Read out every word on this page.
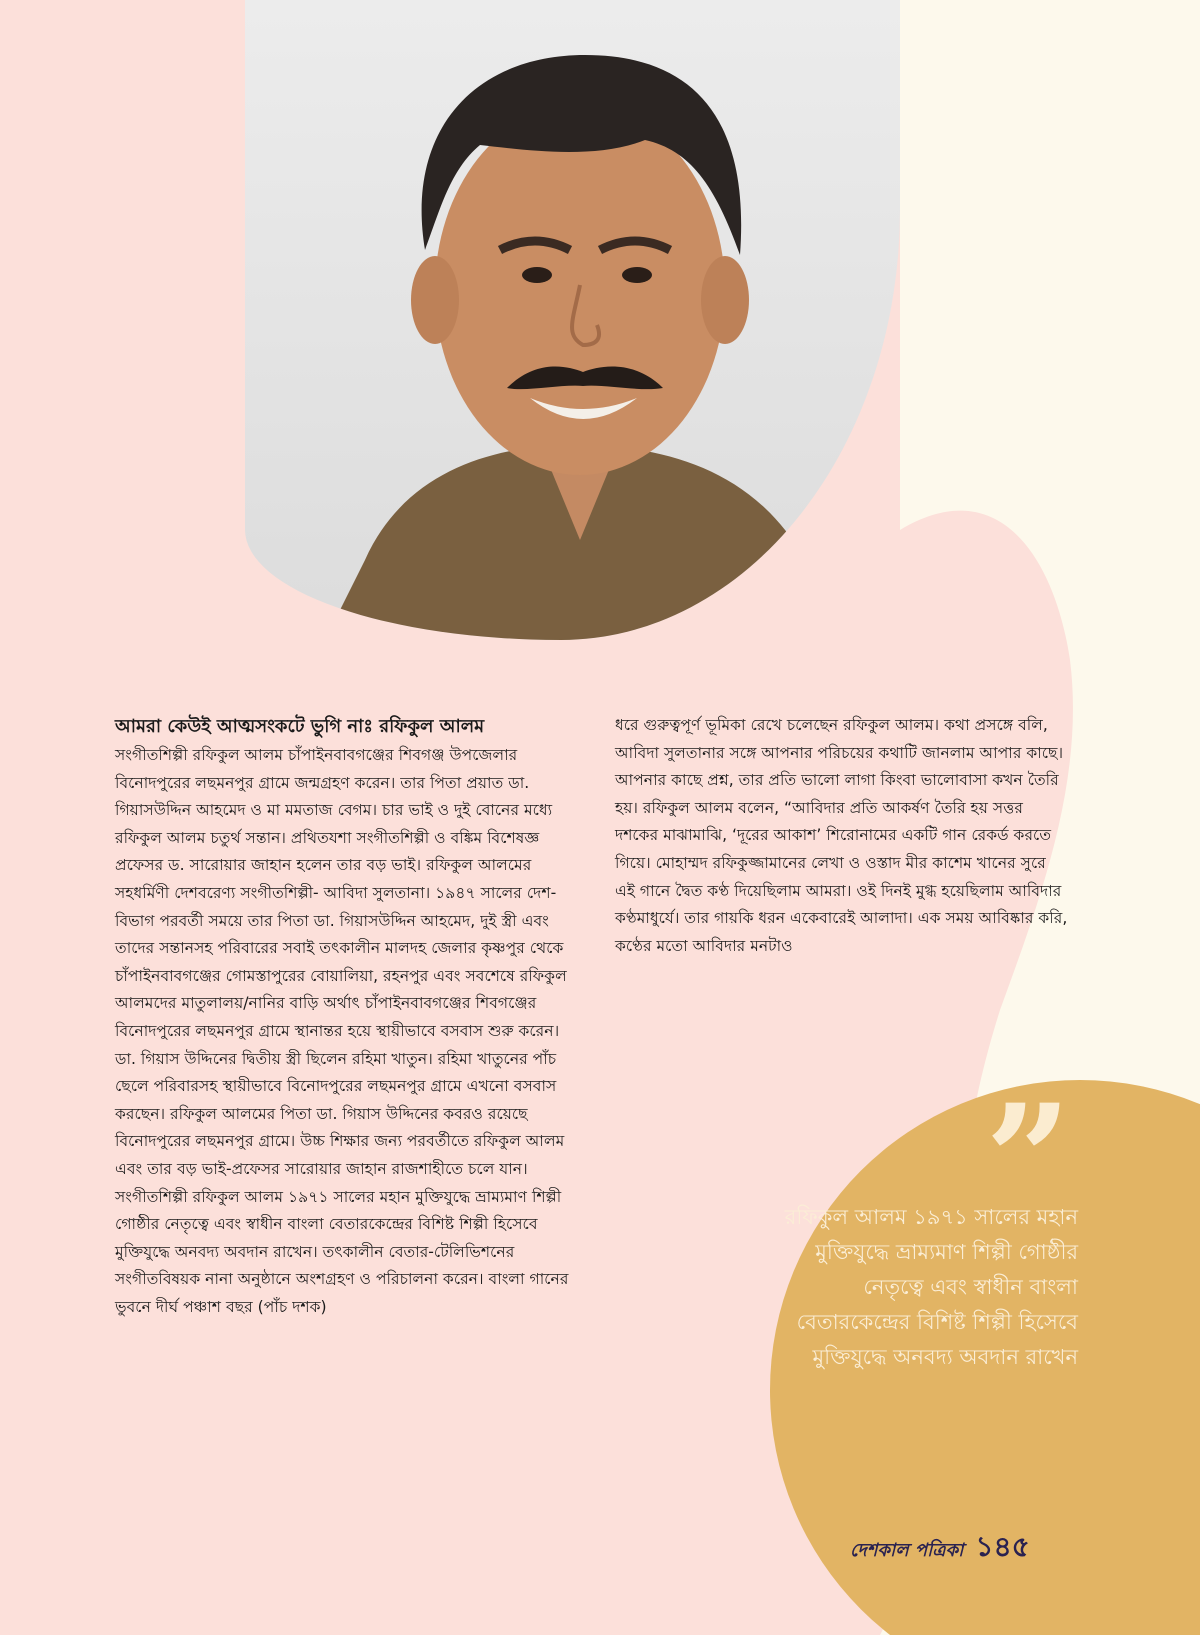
আমরা কেউই আত্মসংকটে ভুগি নাঃ রফিকুল আলম

সংগীতশিল্পী রফিকুল আলম চাঁপাইনবাবগঞ্জের শিবগঞ্জ উপজেলার বিনোদপুরের লছমনপুর গ্রামে জন্মগ্রহণ করেন। তার পিতা প্রয়াত ডা. গিয়াসউদ্দিন আহমেদ ও মা মমতাজ বেগম। চার ভাই ও দুই বোনের মধ্যে রফিকুল আলম চতুর্থ সন্তান। প্রথিতযশা সংগীতশিল্পী ও বঙ্কিম বিশেষজ্ঞ প্রফেসর ড. সারোয়ার জাহান হলেন তার বড় ভাই। রফিকুল আলমের সহধর্মিণী দেশবরেণ্য সংগীতশিল্পী- আবিদা সুলতানা। ১৯৪৭ সালের দেশ-বিভাগ পরবর্তী সময়ে তার পিতা ডা. গিয়াসউদ্দিন আহমেদ, দুই স্ত্রী এবং তাদের সন্তানসহ পরিবারের সবাই তৎকালীন মালদহ জেলার কৃষ্ণপুর থেকে চাঁপাইনবাবগঞ্জের গোমস্তাপুরের বোয়ালিয়া, রহনপুর এবং সবশেষে রফিকুল আলমদের মাতুলালয়/নানির বাড়ি অর্থাৎ চাঁপাইনবাবগঞ্জের শিবগঞ্জের বিনোদপুরের লছমনপুর গ্রামে স্থানান্তর হয়ে স্থায়ীভাবে বসবাস শুরু করেন। ডা. গিয়াস উদ্দিনের দ্বিতীয় স্ত্রী ছিলেন রহিমা খাতুন। রহিমা খাতুনের পাঁচ ছেলে পরিবারসহ স্থায়ীভাবে বিনোদপুরের লছমনপুর গ্রামে এখনো বসবাস করছেন। রফিকুল আলমের পিতা ডা. গিয়াস উদ্দিনের কবরও রয়েছে বিনোদপুরের লছমনপুর গ্রামে। উচ্চ শিক্ষার জন্য পরবর্তীতে রফিকুল আলম এবং তার বড় ভাই-প্রফেসর সারোয়ার জাহান রাজশাহীতে চলে যান।

সংগীতশিল্পী রফিকুল আলম ১৯৭১ সালের মহান মুক্তিযুদ্ধে ভ্রাম্যমাণ শিল্পী গোষ্ঠীর নেতৃত্বে এবং স্বাধীন বাংলা বেতারকেন্দ্রের বিশিষ্ট শিল্পী হিসেবে মুক্তিযুদ্ধে অনবদ্য অবদান রাখেন। তৎকালীন বেতার-টেলিভিশনের সংগীতবিষয়ক নানা অনুষ্ঠানে অংশগ্রহণ ও পরিচালনা করেন। বাংলা গানের ভুবনে দীর্ঘ পঞ্চাশ বছর (পাঁচ দশক)

ধরে গুরুত্বপূর্ণ ভূমিকা রেখে চলেছেন রফিকুল আলম। কথা প্রসঙ্গে বলি, আবিদা সুলতানার সঙ্গে আপনার পরিচয়ের কথাটি জানলাম আপার কাছে। আপনার কাছে প্রশ্ন, তার প্রতি ভালো লাগা কিংবা ভালোবাসা কখন তৈরি হয়। রফিকুল আলম বলেন, “আবিদার প্রতি আকর্ষণ তৈরি হয় সত্তর দশকের মাঝামাঝি, ‘দূরের আকাশ’ শিরোনামের একটি গান রেকর্ড করতে গিয়ে। মোহাম্মদ রফিকুজ্জামানের লেখা ও ওস্তাদ মীর কাশেম খানের সুরে এই গানে দ্বৈত কণ্ঠ দিয়েছিলাম আমরা। ওই দিনই মুগ্ধ হয়েছিলাম আবিদার কণ্ঠমাধুর্যে। তার গায়কি ধরন একেবারেই আলাদা। এক সময় আবিষ্কার করি, কণ্ঠের মতো আবিদার মনটাও

”

রফিকুল আলম ১৯৭১ সালের মহান মুক্তিযুদ্ধে ভ্রাম্যমাণ শিল্পী গোষ্ঠীর নেতৃত্বে এবং স্বাধীন বাংলা বেতারকেন্দ্রের বিশিষ্ট শিল্পী হিসেবে মুক্তিযুদ্ধে অনবদ্য অবদান রাখেন

দেশকাল পত্রিকা ১৪৫
